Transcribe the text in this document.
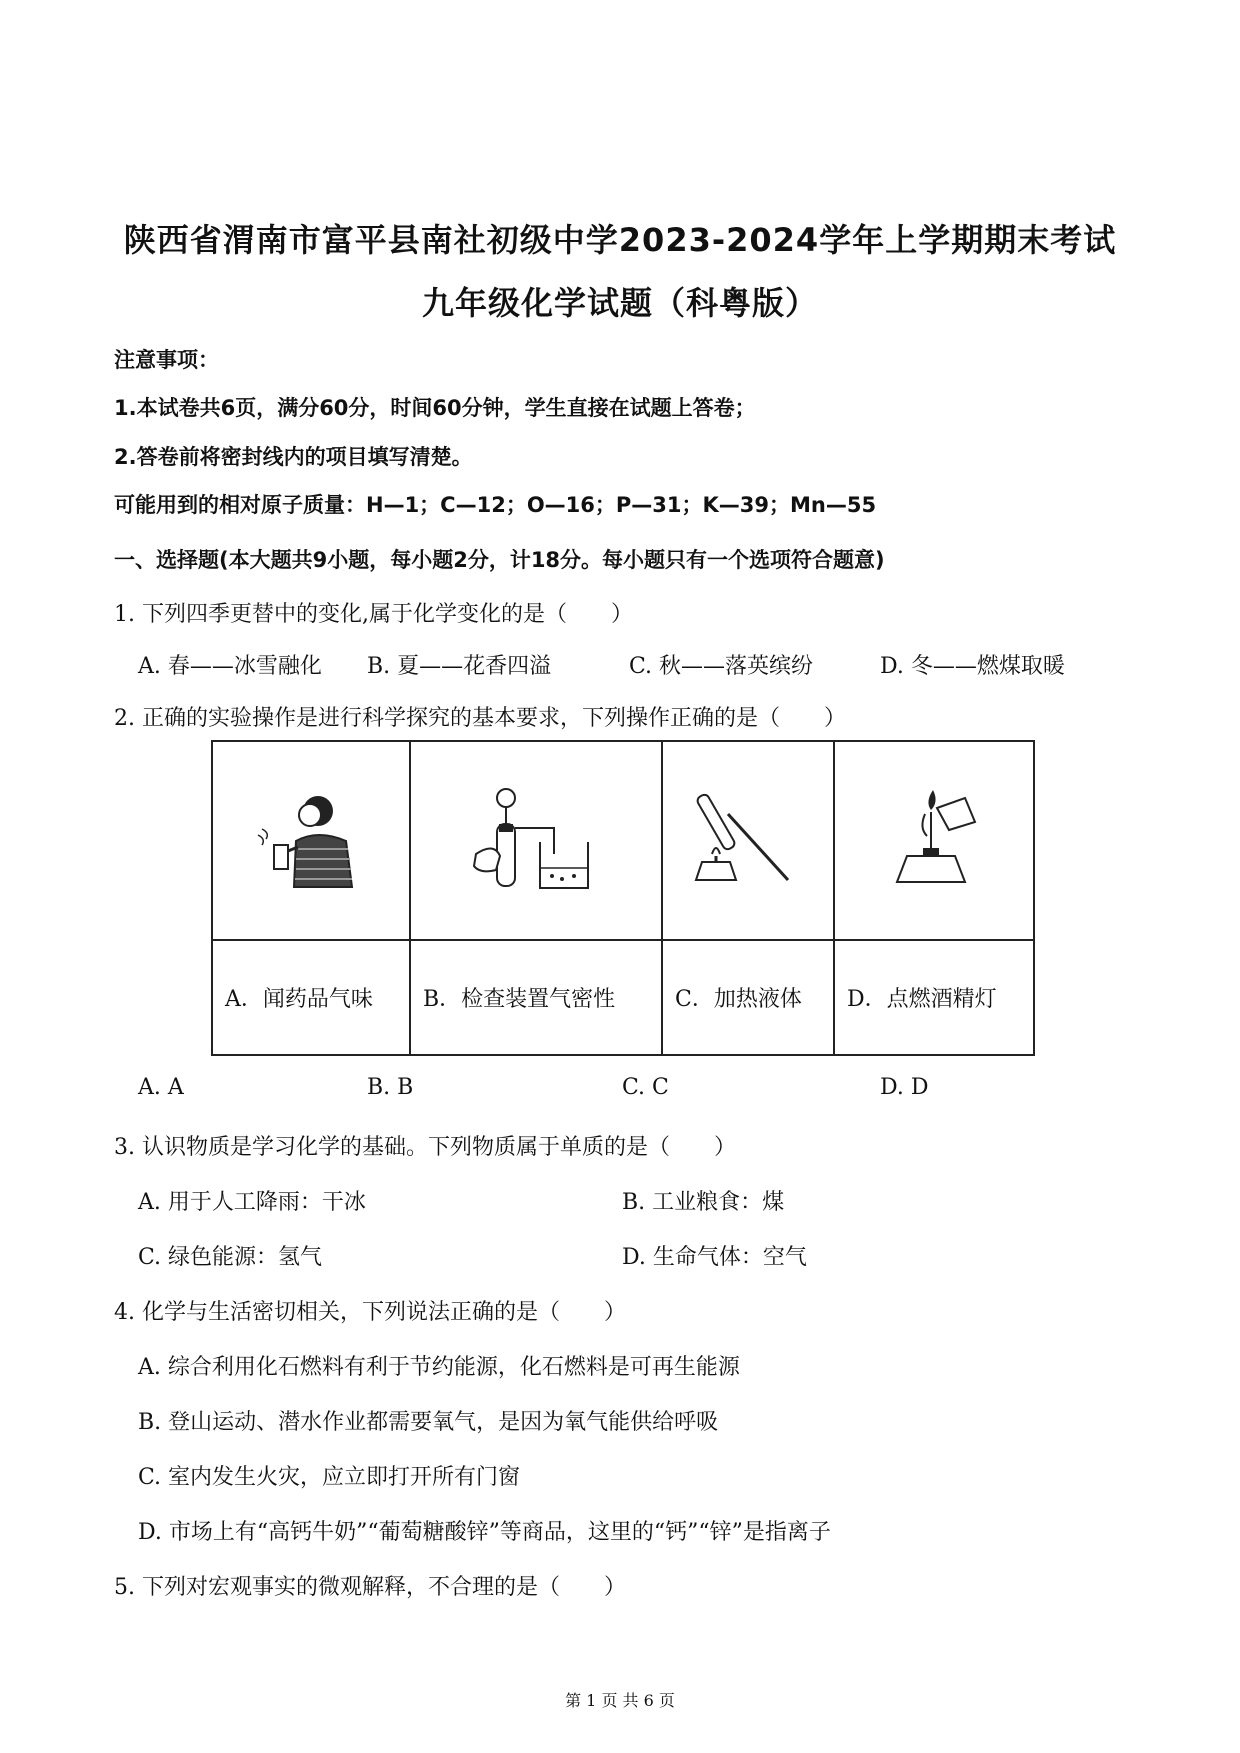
陕西省渭南市富平县南社初级中学2023-2024学年上学期期末考试
九年级化学试题（科粤版）
注意事项：
1.本试卷共6页，满分60分，时间60分钟，学生直接在试题上答卷；
2.答卷前将密封线内的项目填写清楚。
可能用到的相对原子质量：H—1；C—12；O—16；P—31；K—39；Mn—55
一、选择题(本大题共9小题，每小题2分，计18分。每小题只有一个选项符合题意)
1. 下列四季更替中的变化,属于化学变化的是（　　）
A. 春——冰雪融化 B. 夏——花香四溢	C. 秋——落英缤纷	D. 冬——燃煤取暖
2. 正确的实验操作是进行科学探究的基本要求，下列操作正确的是（　　）

A．闻药品气味	B．检查装置气密性	C．加热液体	D．点燃酒精灯
A. A	B. B	C. C	D. D
3. 认识物质是学习化学的基础。下列物质属于单质的是（　　）
A. 用于人工降雨：干冰	B. 工业粮食：煤
C. 绿色能源：氢气	D. 生命气体：空气
4. 化学与生活密切相关，下列说法正确的是（　　）
A. 综合利用化石燃料有利于节约能源，化石燃料是可再生能源
B. 登山运动、潜水作业都需要氧气，是因为氧气能供给呼吸
C. 室内发生火灾，应立即打开所有门窗
D. 市场上有“高钙牛奶”“葡萄糖酸锌”等商品，这里的“钙”“锌”是指离子
5. 下列对宏观事实的微观解释，不合理的是（　　）
第 1 页 共 6 页
